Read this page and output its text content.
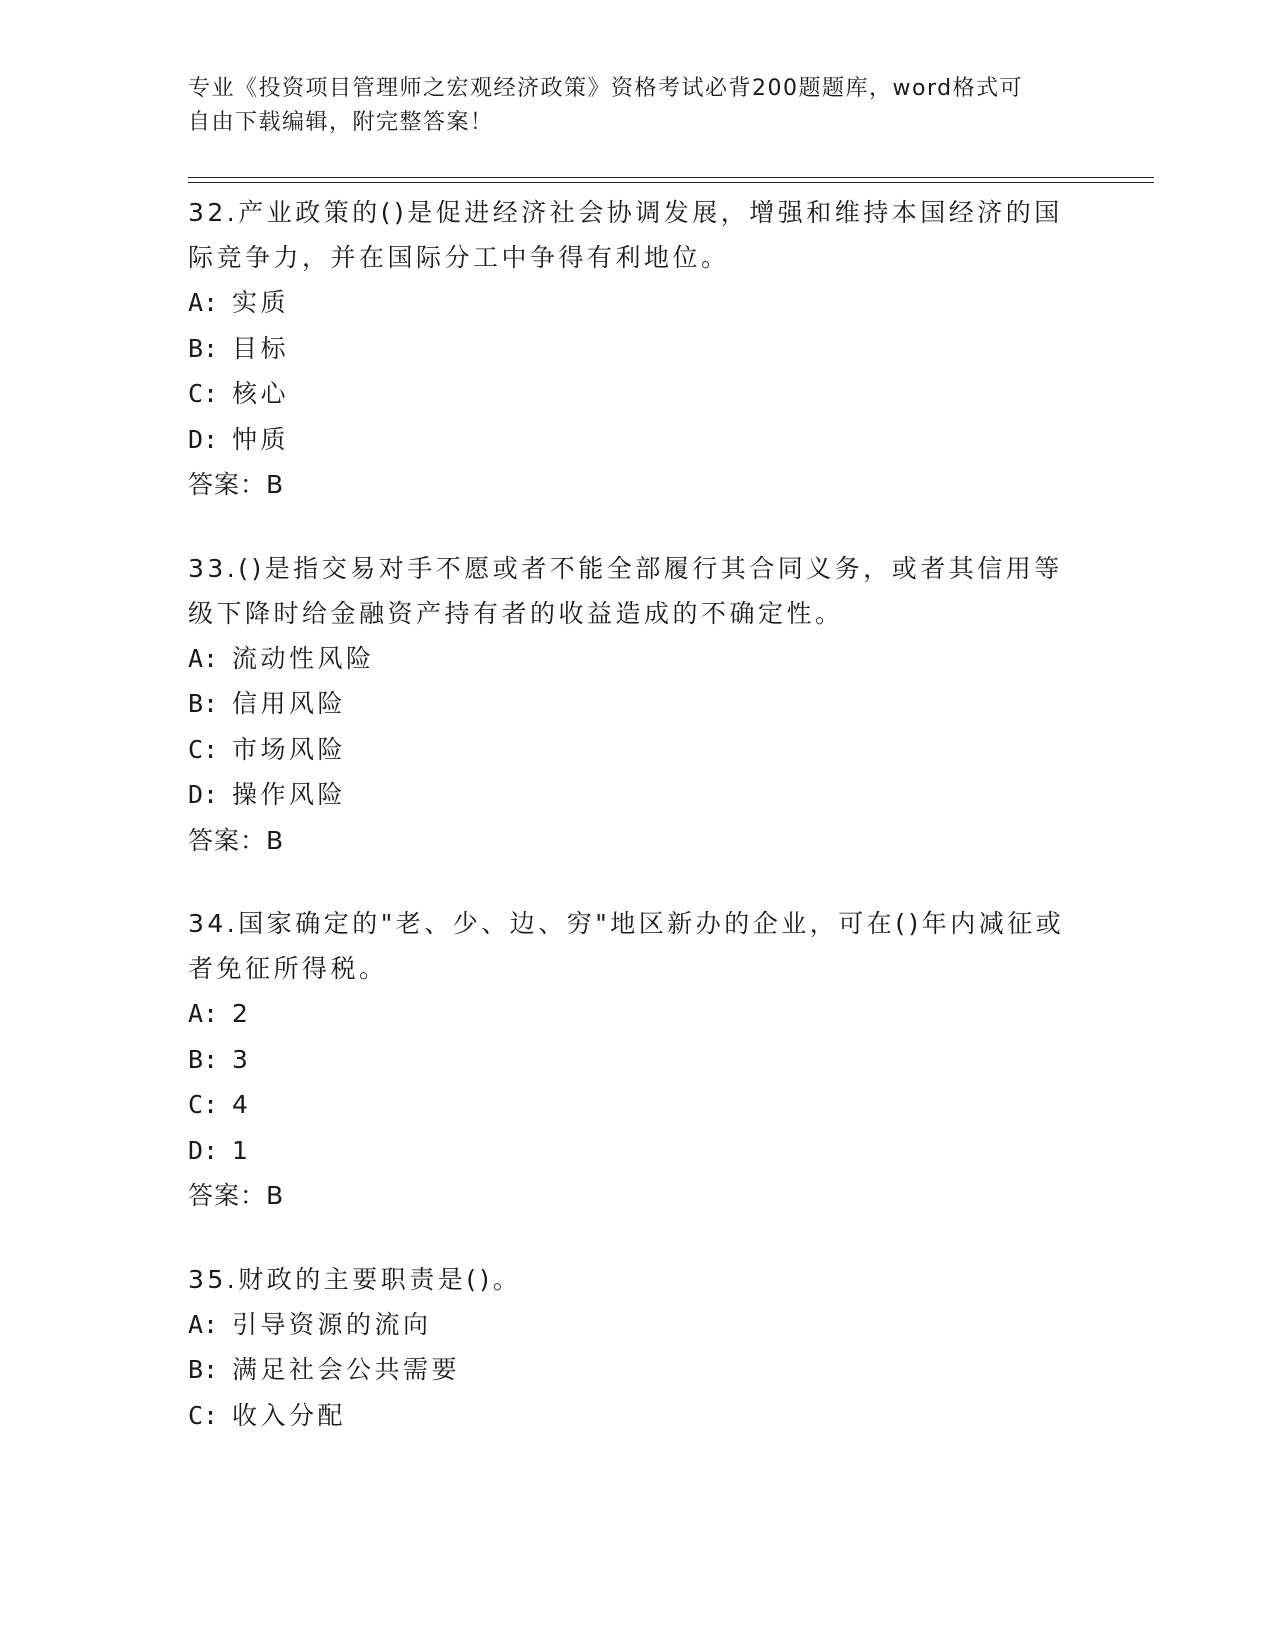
专业《投资项目管理师之宏观经济政策》资格考试必背200题题库，word格式可
自由下载编辑，附完整答案！

32.产业政策的()是促进经济社会协调发展，增强和维持本国经济的国际竞争力，并在国际分工中争得有利地位。

A: 实质

B: 目标

C: 核心

D: 忡质

答案：B

33.()是指交易对手不愿或者不能全部履行其合同义务，或者其信用等级下降时给金融资产持有者的收益造成的不确定性。

A: 流动性风险

B: 信用风险

C: 市场风险

D: 操作风险

答案：B

34.国家确定的"老、少、边、穷"地区新办的企业，可在()年内减征或者免征所得税。

A: 2

B: 3

C: 4

D: 1

答案：B

35.财政的主要职责是()。

A: 引导资源的流向

B: 满足社会公共需要

C: 收入分配
